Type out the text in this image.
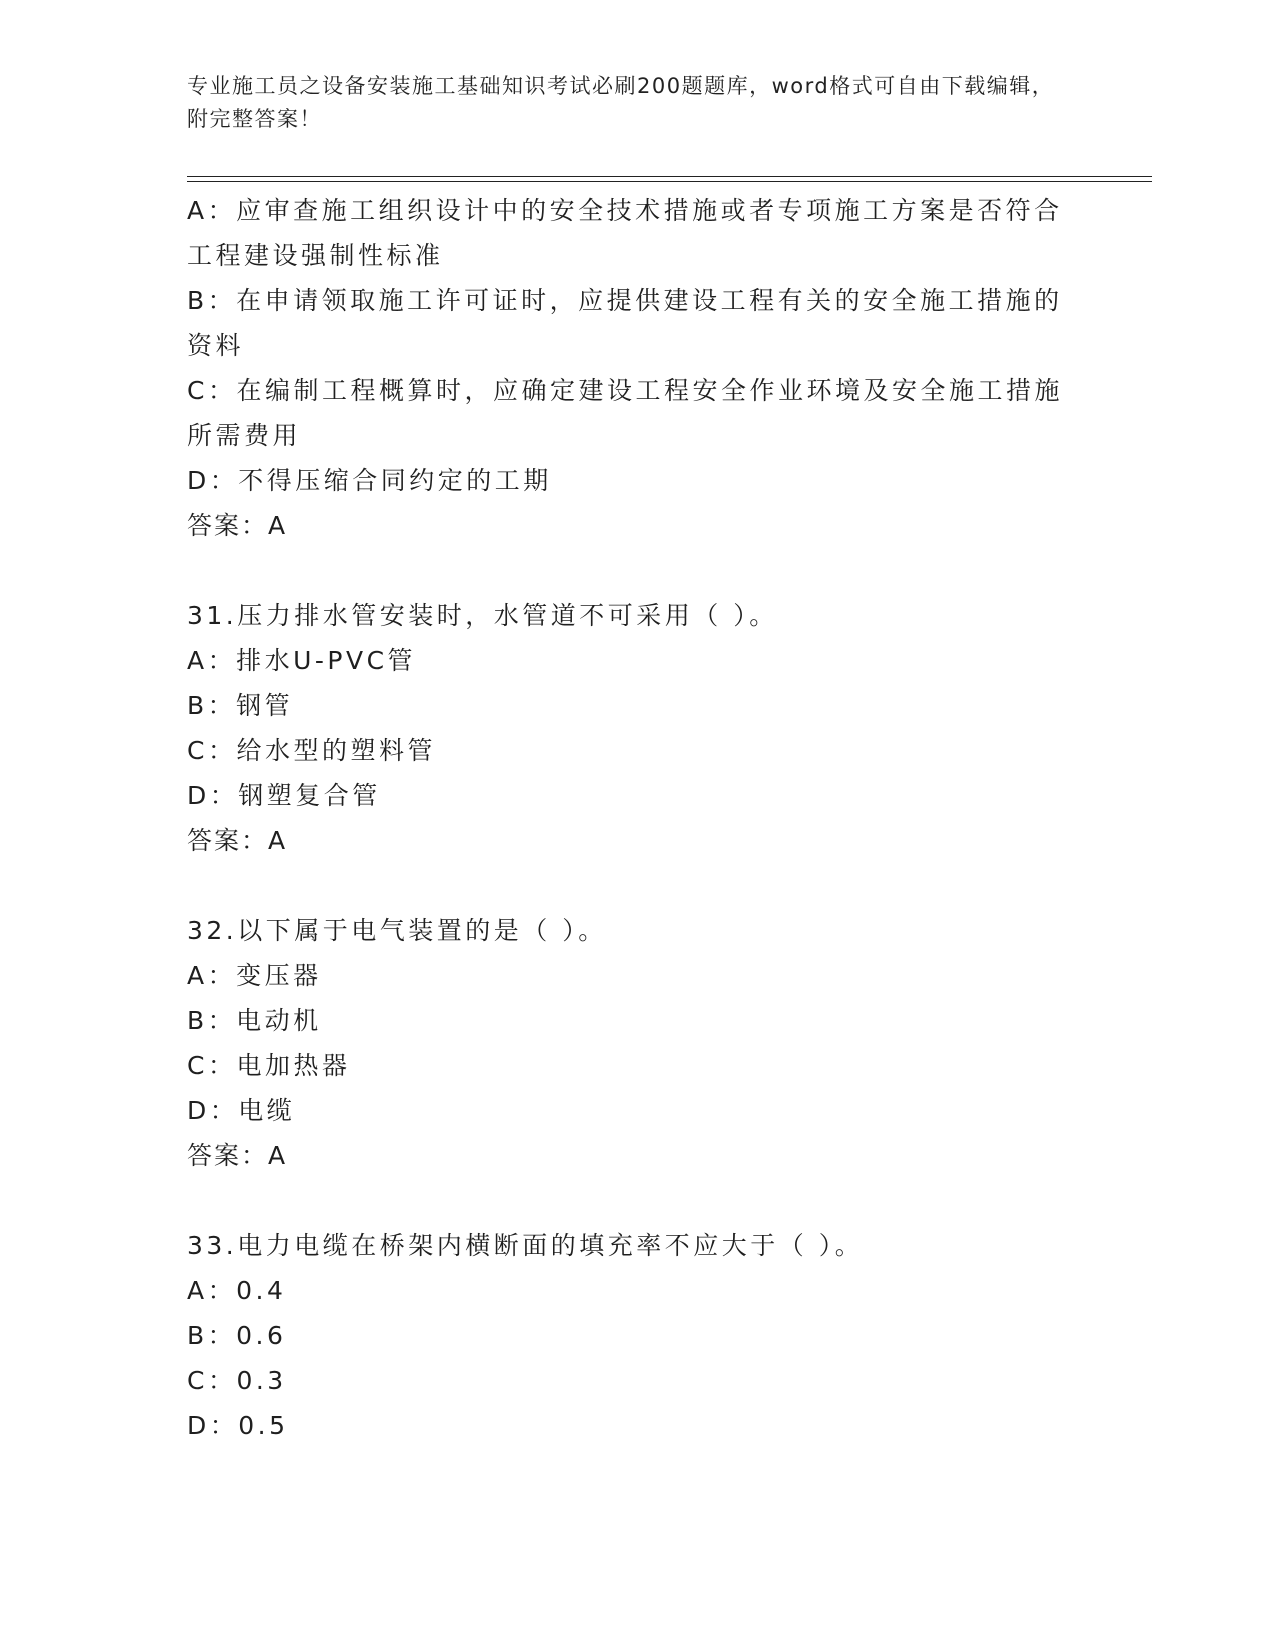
专业施工员之设备安装施工基础知识考试必刷200题题库，word格式可自由下载编辑，附完整答案！

A：应审查施工组织设计中的安全技术措施或者专项施工方案是否符合工程建设强制性标准

B：在申请领取施工许可证时，应提供建设工程有关的安全施工措施的资料

C：在编制工程概算时，应确定建设工程安全作业环境及安全施工措施所需费用

D：不得压缩合同约定的工期

答案：A

31.压力排水管安装时，水管道不可采用（ ）。

A：排水U-PVC管

B：钢管

C：给水型的塑料管

D：钢塑复合管

答案：A

32.以下属于电气装置的是（ ）。

A：变压器

B：电动机

C：电加热器

D：电缆

答案：A

33.电力电缆在桥架内横断面的填充率不应大于（ ）。

A：0.4

B：0.6

C：0.3

D：0.5
